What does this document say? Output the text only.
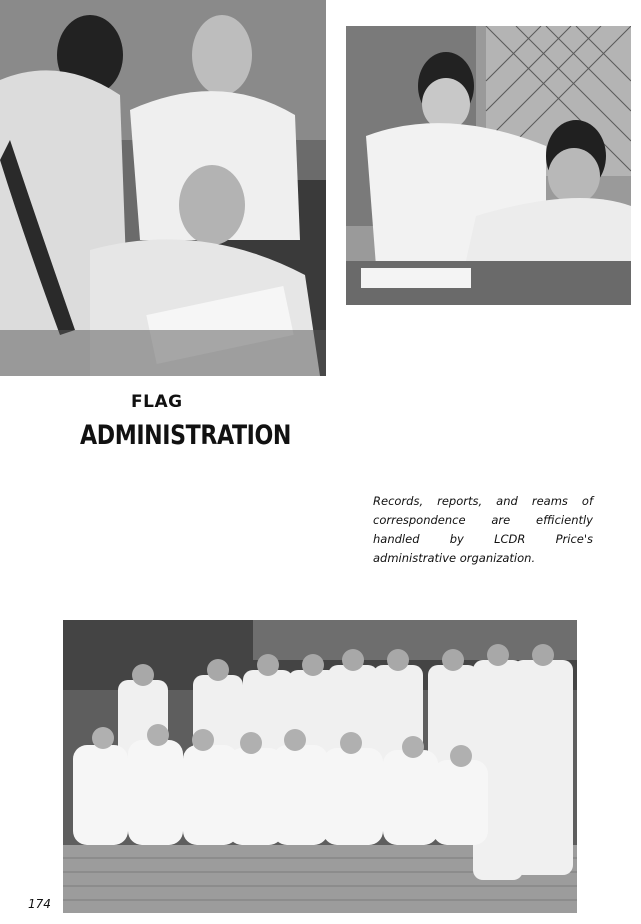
FLAG
ADMINISTRATION
Records, reports, and reams of correspondence are efficiently handled by LCDR Price's administrative organization.
174
